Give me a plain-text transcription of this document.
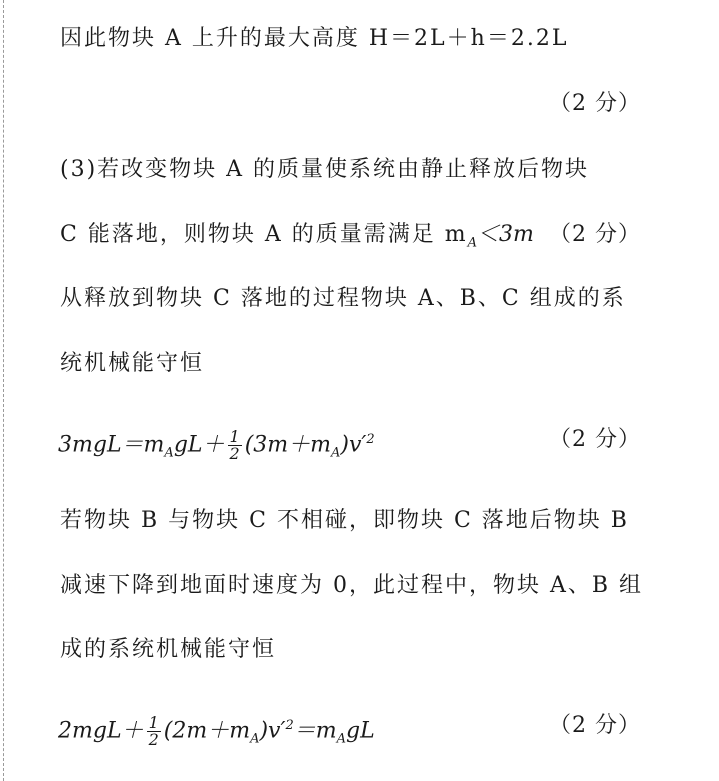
因此物块 A 上升的最大高度 H＝2L＋h＝2.2L
（2 分）
(3)若改变物块 A 的质量使系统由静止释放后物块
C 能落地，则物块 A 的质量需满足 $m_A<3m$ （2 分）
从释放到物块 C 落地的过程物块 A、B、C 组成的系
统机械能守恒
$3mgL=m_AgL+ \frac{1}{2} (3m+m_A)v'^2$	（2 分）
若物块 B 与物块 C 不相碰，即物块 C 落地后物块 B
减速下降到地面时速度为 0，此过程中，物块 A、B 组
成的系统机械能守恒
$2mgL+ \frac{1}{2} (2m+m_A)v'^2=m_AgL$	（2 分）
